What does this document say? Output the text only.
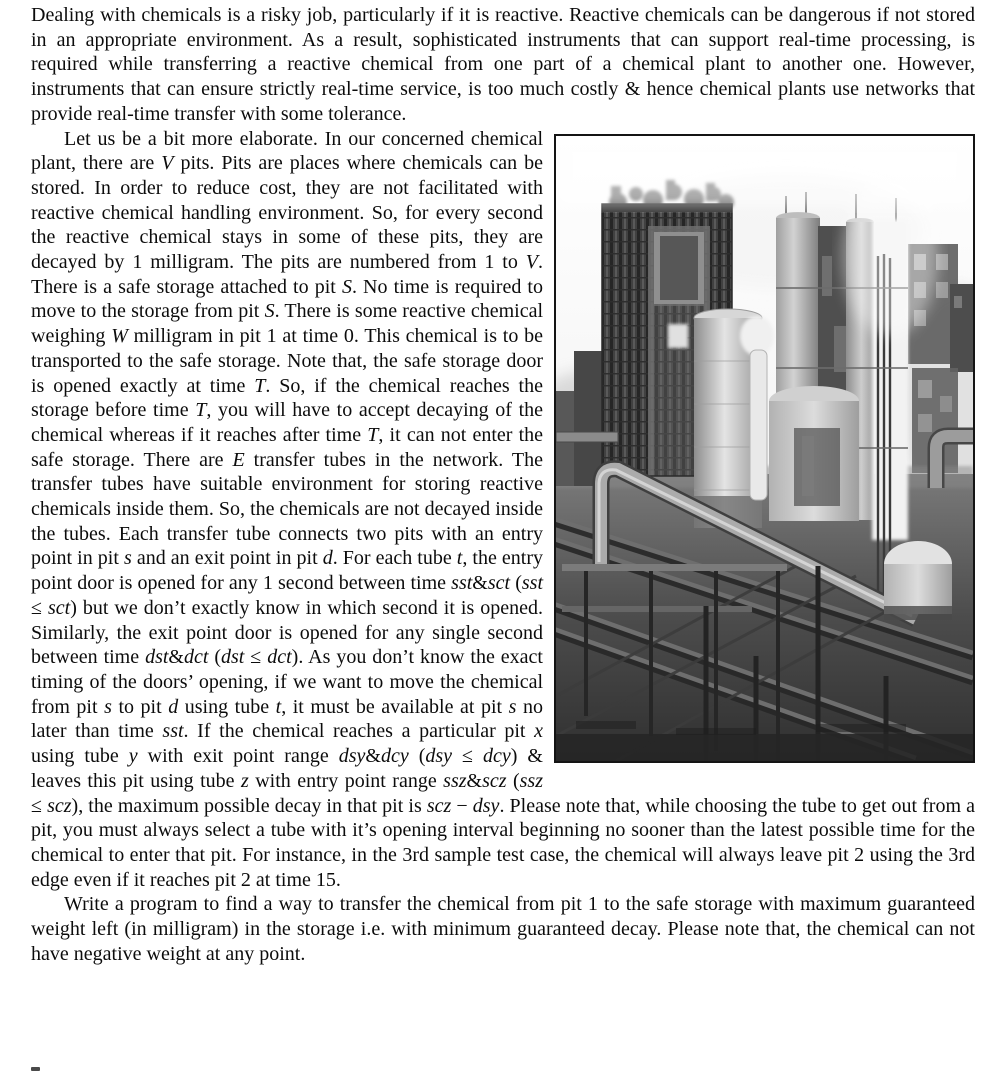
Dealing with chemicals is a risky job, particularly if it is reactive. Reactive chemicals can be dangerous if not stored in an appropriate environment. As a result, sophisticated instruments that can support real-time processing, is required while transferring a reactive chemical from one part of a chemical plant to another one. However, instruments that can ensure strictly real-time service, is too much costly & hence chemical plants use networks that provide real-time transfer with some tolerance.

Let us be a bit more elaborate. In our concerned chemical plant, there are V pits. Pits are places where chemicals can be stored. In order to reduce cost, they are not facilitated with reactive chemical handling environment. So, for every second the reactive chemical stays in some of these pits, they are decayed by 1 milligram. The pits are numbered from 1 to V. There is a safe storage attached to pit S. No time is required to move to the storage from pit S. There is some reactive chemical weighing W milligram in pit 1 at time 0. This chemical is to be transported to the safe storage. Note that, the safe storage door is opened exactly at time T. So, if the chemical reaches the storage before time T, you will have to accept decaying of the chemical whereas if it reaches after time T, it can not enter the safe storage. There are E transfer tubes in the network. The transfer tubes have suitable environment for storing reactive chemicals inside them. So, the chemicals are not decayed inside the tubes. Each transfer tube connects two pits with an entry point in pit s and an exit point in pit d. For each tube t, the entry point door is opened for any 1 second between time sst&sct (sst ≤ sct) but we don’t exactly know in which second it is opened. Similarly, the exit point door is opened for any single second between time dst&dct (dst ≤ dct). As you don’t know the exact timing of the doors’ opening, if we want to move the chemical from pit s to pit d using tube t, it must be available at pit s no later than time sst. If the chemical reaches a particular pit x using tube y with exit point range dsy&dcy (dsy ≤ dcy) & leaves this pit using tube z with entry point range ssz&scz (ssz ≤ scz), the maximum possible decay in that pit is scz − dsy. Please note that, while choosing the tube to get out from a pit, you must always select a tube with it’s opening interval beginning no sooner than the latest possible time for the chemical to enter that pit. For instance, in the 3rd sample test case, the chemical will always leave pit 2 using the 3rd edge even if it reaches pit 2 at time 15.

Write a program to find a way to transfer the chemical from pit 1 to the safe storage with maximum guaranteed weight left (in milligram) in the storage i.e. with minimum guaranteed decay. Please note that, the chemical can not have negative weight at any point.
